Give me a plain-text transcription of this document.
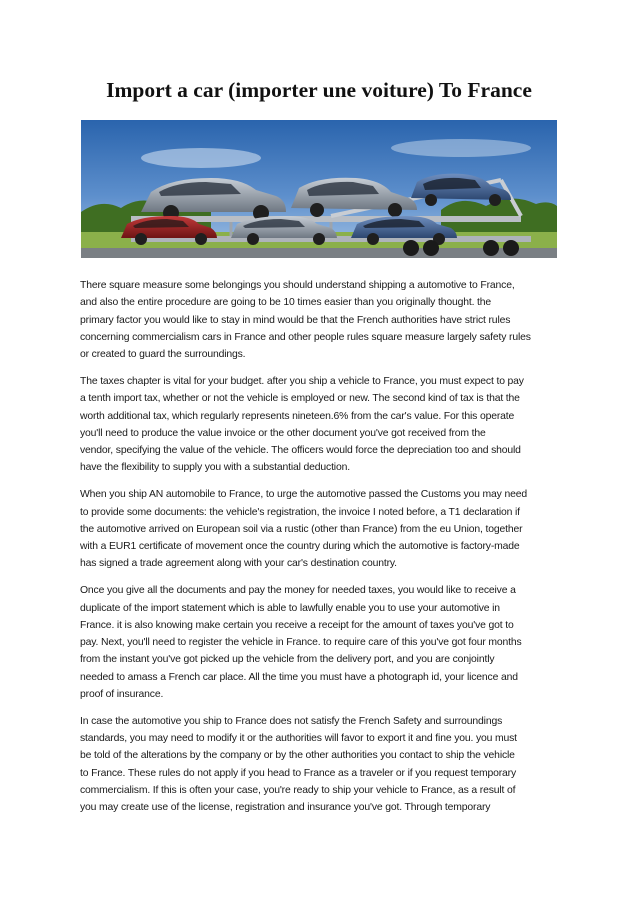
Import a car (importer une voiture) To France

There square measure some belongings you should understand shipping a automotive to France,
and also the entire procedure are going to be 10 times easier than you originally thought. the
primary factor you would like to stay in mind would be that the French authorities have strict rules
concerning commercialism cars in France and other people rules square measure largely safety rules
or created to guard the surroundings.

The taxes chapter is vital for your budget. after you ship a vehicle to France, you must expect to pay
a tenth import tax, whether or not the vehicle is employed or new. The second kind of tax is that the
worth additional tax, which regularly represents nineteen.6% from the car's value. For this operate
you'll need to produce the value invoice or the other document you've got received from the
vendor, specifying the value of the vehicle. The officers would force the depreciation too and should
have the flexibility to supply you with a substantial deduction.

When you ship AN automobile to France, to urge the automotive passed the Customs you may need
to provide some documents: the vehicle's registration, the invoice I noted before, a T1 declaration if
the automotive arrived on European soil via a rustic (other than France) from the eu Union, together
with a EUR1 certificate of movement once the country during which the automotive is factory-made
has signed a trade agreement along with your car's destination country.

Once you give all the documents and pay the money for needed taxes, you would like to receive a
duplicate of the import statement which is able to lawfully enable you to use your automotive in
France. it is also knowing make certain you receive a receipt for the amount of taxes you've got to
pay. Next, you'll need to register the vehicle in France. to require care of this you've got four months
from the instant you've got picked up the vehicle from the delivery port, and you are conjointly
needed to amass a French car place. All the time you must have a photograph id, your licence and
proof of insurance.

In case the automotive you ship to France does not satisfy the French Safety and surroundings
standards, you may need to modify it or the authorities will favor to export it and fine you. you must
be told of the alterations by the company or by the other authorities you contact to ship the vehicle
to France. These rules do not apply if you head to France as a traveler or if you request temporary
commercialism. If this is often your case, you're ready to ship your vehicle to France, as a result of
you may create use of the license, registration and insurance you've got. Through temporary
